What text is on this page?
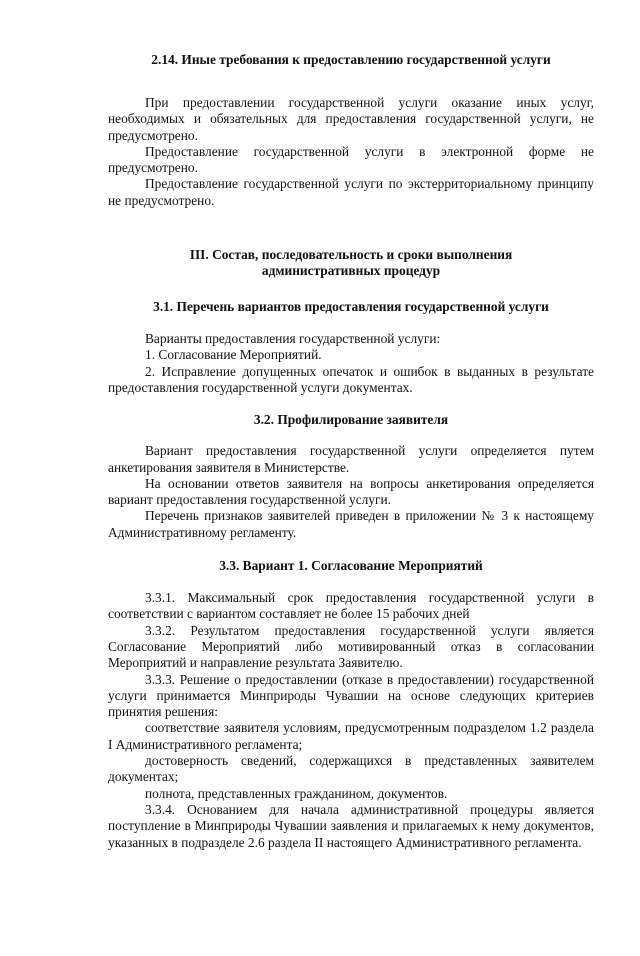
2.14. Иные требования к предоставлению государственной услуги

При предоставлении государственной услуги оказание иных услуг, необходимых и обязательных для предоставления государственной услуги, не предусмотрено.

Предоставление государственной услуги в электронной форме не предусмотрено.

Предоставление государственной услуги по экстерриториальному принципу не предусмотрено.

III. Состав, последовательность и сроки выполнения
административных процедур
3.1. Перечень вариантов предоставления государственной услуги

Варианты предоставления государственной услуги:

1. Согласование Мероприятий.

2. Исправление допущенных опечаток и ошибок в выданных в результате предоставления государственной услуги документах.

3.2. Профилирование заявителя

Вариант предоставления государственной услуги определяется путем анкетирования заявителя в Министерстве.

На основании ответов заявителя на вопросы анкетирования определяется вариант предоставления государственной услуги.

Перечень признаков заявителей приведен в приложении № 3 к настоящему Административному регламенту.

3.3. Вариант 1. Согласование Мероприятий

3.3.1. Максимальный срок предоставления государственной услуги в соответствии с вариантом составляет не более 15 рабочих дней

3.3.2. Результатом предоставления государственной услуги является Согласование Мероприятий либо мотивированный отказ в согласовании Мероприятий и направление результата Заявителю.

3.3.3. Решение о предоставлении (отказе в предоставлении) государственной услуги принимается Минприроды Чувашии на основе следующих критериев принятия решения:

соответствие заявителя условиям, предусмотренным подразделом 1.2 раздела I Административного регламента;

достоверность сведений, содержащихся в представленных заявителем документах;

полнота, представленных гражданином, документов.

3.3.4. Основанием для начала административной процедуры является поступление в Минприроды Чувашии заявления и прилагаемых к нему документов, указанных в подразделе 2.6 раздела II настоящего Административного регламента.
